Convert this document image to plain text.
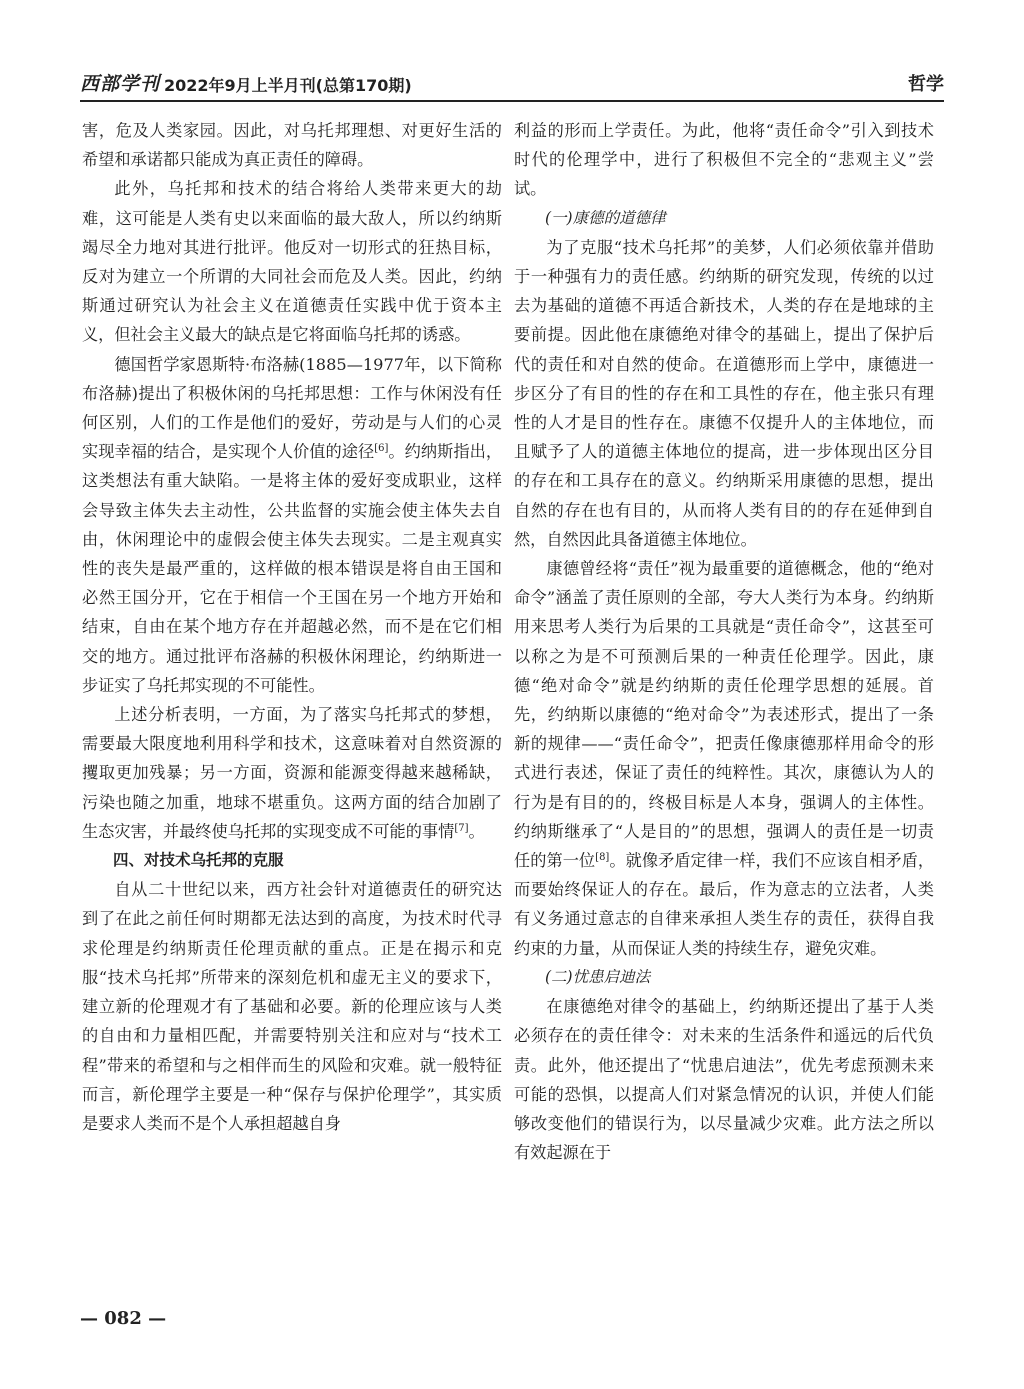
西部学刊 2022年9月上半月刊(总第170期)	哲学

害，危及人类家园。因此，对乌托邦理想、对更好生活的希望和承诺都只能成为真正责任的障碍。

此外，乌托邦和技术的结合将给人类带来更大的劫难，这可能是人类有史以来面临的最大敌人，所以约纳斯竭尽全力地对其进行批评。他反对一切形式的狂热目标，反对为建立一个所谓的大同社会而危及人类。因此，约纳斯通过研究认为社会主义在道德责任实践中优于资本主义，但社会主义最大的缺点是它将面临乌托邦的诱惑。

德国哲学家恩斯特·布洛赫(1885—1977年，以下简称布洛赫)提出了积极休闲的乌托邦思想：工作与休闲没有任何区别，人们的工作是他们的爱好，劳动是与人们的心灵实现幸福的结合，是实现个人价值的途径[6]。约纳斯指出，这类想法有重大缺陷。一是将主体的爱好变成职业，这样会导致主体失去主动性，公共监督的实施会使主体失去自由，休闲理论中的虚假会使主体失去现实。二是主观真实性的丧失是最严重的，这样做的根本错误是将自由王国和必然王国分开，它在于相信一个王国在另一个地方开始和结束，自由在某个地方存在并超越必然，而不是在它们相交的地方。通过批评布洛赫的积极休闲理论，约纳斯进一步证实了乌托邦实现的不可能性。

上述分析表明，一方面，为了落实乌托邦式的梦想，需要最大限度地利用科学和技术，这意味着对自然资源的攫取更加残暴；另一方面，资源和能源变得越来越稀缺，污染也随之加重，地球不堪重负。这两方面的结合加剧了生态灾害，并最终使乌托邦的实现变成不可能的事情[7]。

四、对技术乌托邦的克服

自从二十世纪以来，西方社会针对道德责任的研究达到了在此之前任何时期都无法达到的高度，为技术时代寻求伦理是约纳斯责任伦理贡献的重点。正是在揭示和克服“技术乌托邦”所带来的深刻危机和虚无主义的要求下，建立新的伦理观才有了基础和必要。新的伦理应该与人类的自由和力量相匹配，并需要特别关注和应对与“技术工程”带来的希望和与之相伴而生的风险和灾难。就一般特征而言，新伦理学主要是一种“保存与保护伦理学”，其实质是要求人类而不是个人承担超越自身

利益的形而上学责任。为此，他将“责任命令”引入到技术时代的伦理学中，进行了积极但不完全的“悲观主义”尝试。

(一)康德的道德律

为了克服“技术乌托邦”的美梦，人们必须依靠并借助于一种强有力的责任感。约纳斯的研究发现，传统的以过去为基础的道德不再适合新技术，人类的存在是地球的主要前提。因此他在康德绝对律令的基础上，提出了保护后代的责任和对自然的使命。在道德形而上学中，康德进一步区分了有目的性的存在和工具性的存在，他主张只有理性的人才是目的性存在。康德不仅提升人的主体地位，而且赋予了人的道德主体地位的提高，进一步体现出区分目的存在和工具存在的意义。约纳斯采用康德的思想，提出自然的存在也有目的，从而将人类有目的的存在延伸到自然，自然因此具备道德主体地位。

康德曾经将“责任”视为最重要的道德概念，他的“绝对命令”涵盖了责任原则的全部，夸大人类行为本身。约纳斯用来思考人类行为后果的工具就是“责任命令”，这甚至可以称之为是不可预测后果的一种责任伦理学。因此，康德“绝对命令”就是约纳斯的责任伦理学思想的延展。首先，约纳斯以康德的“绝对命令”为表述形式，提出了一条新的规律——“责任命令”，把责任像康德那样用命令的形式进行表述，保证了责任的纯粹性。其次，康德认为人的行为是有目的的，终极目标是人本身，强调人的主体性。约纳斯继承了“人是目的”的思想，强调人的责任是一切责任的第一位[8]。就像矛盾定律一样，我们不应该自相矛盾，而要始终保证人的存在。最后，作为意志的立法者，人类有义务通过意志的自律来承担人类生存的责任，获得自我约束的力量，从而保证人类的持续生存，避免灾难。

(二)忧患启迪法

在康德绝对律令的基础上，约纳斯还提出了基于人类必须存在的责任律令：对未来的生活条件和遥远的后代负责。此外，他还提出了“忧患启迪法”，优先考虑预测未来可能的恐惧，以提高人们对紧急情况的认识，并使人们能够改变他们的错误行为，以尽量减少灾难。此方法之所以有效起源在于

— 082 —
